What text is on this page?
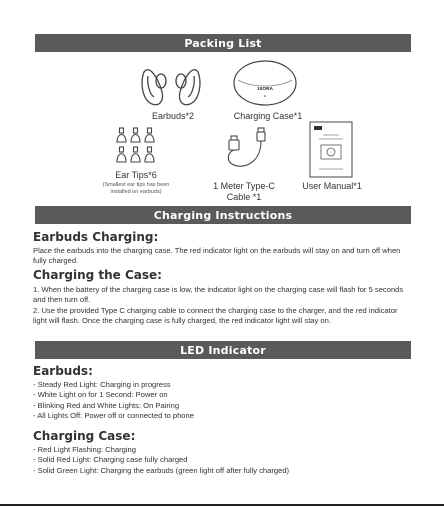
Packing List
Earbuds*2
10ORA
Charging Case*1
Ear Tips*6
(Smallest ear tips has been
installed on earbuds)
1 Meter Type-C
Cable *1
User Manual*1
Charging Instructions
Earbuds Charging:

Place the earbuds into the charging case. The red indicator light on the earbuds will stay on and turn off when fully charged.

Charging the Case:

1. When the battery of the charging case is low, the indicator light on the charging case will flash for 5 seconds and then turn off.

2. Use the provided Type C charging cable to connect the charging case to the charger, and the red indicator light will flash. Once the charging case is fully charged, the red indicator light will stay on.

LED Indicator
Earbuds:
- Steady Red Light: Charging in progress
- White Light on for 1 Second: Power on
- Blinking Red and White Lights: On Pairing
- All Lights Off: Power off or connected to phone
Charging Case:
- Red Light Flashing: Charging
- Solid Red Light: Charging case fully charged
- Solid Green Light: Charging the earbuds (green light off after fully charged)
